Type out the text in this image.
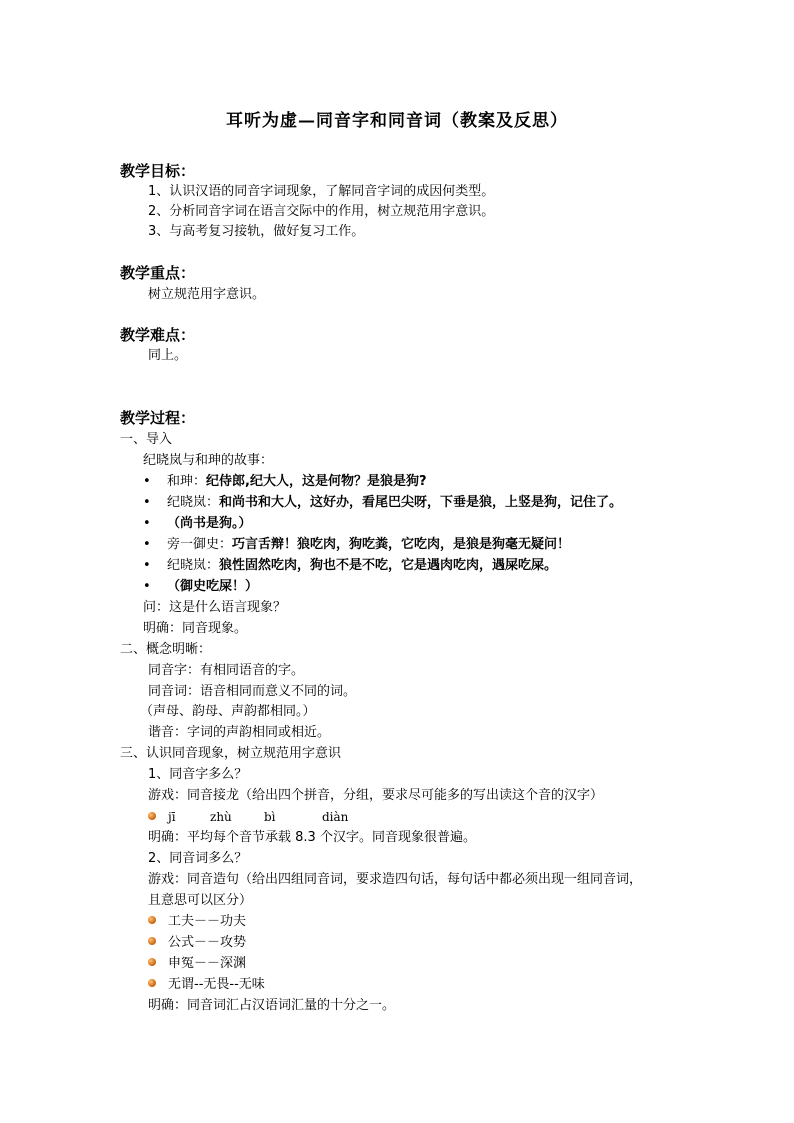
耳听为虚—同音字和同音词（教案及反思）
教学目标：
1、认识汉语的同音字词现象，了解同音字词的成因何类型。
2、分析同音字词在语言交际中的作用，树立规范用字意识。
3、与高考复习接轨，做好复习工作。
教学重点：
树立规范用字意识。
教学难点：
同上。
教学过程：
一、导入
纪晓岚与和珅的故事：
• 和珅：纪侍郎,纪大人，这是何物？是狼是狗?
• 纪晓岚：和尚书和大人，这好办，看尾巴尖呀，下垂是狼，上竖是狗，记住了。
• （尚书是狗。）
• 旁一御史：巧言舌辩！狼吃肉，狗吃粪，它吃肉，是狼是狗毫无疑问！
• 纪晓岚：狼性固然吃肉，狗也不是不吃，它是遇肉吃肉，遇屎吃屎。
• （御史吃屎！）
问：这是什么语言现象？
明确：同音现象。
二、概念明晰：
同音字：有相同语音的字。
同音词：语音相同而意义不同的词。
（声母、韵母、声韵都相同。）
谐音：字词的声韵相同或相近。
三、认识同音现象，树立规范用字意识
1、同音字多么？
游戏：同音接龙（给出四个拼音，分组，要求尽可能多的写出读这个音的汉字）
jī	zhù	bì	diàn
明确：平均每个音节承载 8.3 个汉字。同音现象很普遍。
2、同音词多么？
游戏：同音造句（给出四组同音词，要求造四句话，每句话中都必须出现一组同音词，
且意思可以区分）
工夫－－功夫
公式－－攻势
申冤－－深渊
无谓--无畏--无味
明确：同音词汇占汉语词汇量的十分之一。
